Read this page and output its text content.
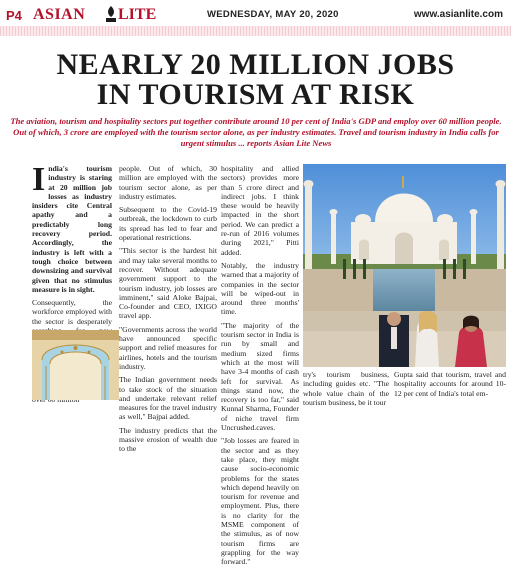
P4 ASIAN LITE	WEDNESDAY, MAY 20, 2020	www.asianlite.com
NEARLY 20 MILLION JOBS
IN TOURISM AT RISK

The aviation, tourism and hospitality sectors put together contribute around 10 per cent of India's GDP and employ over 60 million people. Out of which, 3 crore are employed with the tourism sector alone, as per industry estimates. Travel and tourism industry in India calls for urgent stimulus ... reports Asian Lite News

India's tourism industry is staring at 20 million job losses as industry insiders cite Central apathy and a predictably long recovery period. Accordingly, the industry is left with a tough choice between downsizing and survival given that no stimulus measure is in sight.

Consequently, the workforce employed with the sector is desperately

people. Out of which, 30 million are employed with the tourism sector alone, as per industry estimates.

Subsequent to the Covid-19 outbreak, the lockdown to curb its spread has led to fear and operational restrictions.

"This sector is the hardest hit and may take several months to recover. Without adequate government support to the tourism industry, job losses are imminent," said Aloke Bajpai, Co-founder and CEO, IXIGO travel app.

"Governments across the world have announced specific support and relief measures for airlines, hotels and the tourism industry.

The Indian government needs to take stock of the situation and undertake relevant relief measures for the travel industry as well," Bajpai added.

The industry predicts that the massive erosion of wealth due to the

hospitality and allied sectors) provides more than 5 crore direct and indirect jobs. I think these would be heavily impacted in the short period. We can predict a re-run of 2016 volumes during 2021," Pitti added.

Notably, the industry warned that a majority of companies in the sector will be wiped-out in around three months' time.

"The majority of the tourism sector in India is run by small and medium sized firms which at the most will have 3-4 months of cash left for survival. As things stand now, the recovery is too far," said Kunnal Sharma, Founder of niche travel firm Uncrushed.caves.

"Job losses are feared in the sector and as they take place, they might cause socio-economic problems for the states which depend heavily on tourism for revenue and employment. Plus, there is no clarity for the MSME component of the stimulus, as of now tourism firms are grappling for the way forward."

try's tourism business, including guides etc. "The whole value chain of the tourism business, be it tour

Gupta said that tourism, travel and hospitality accounts for around 10-12 per cent of India's total em-
